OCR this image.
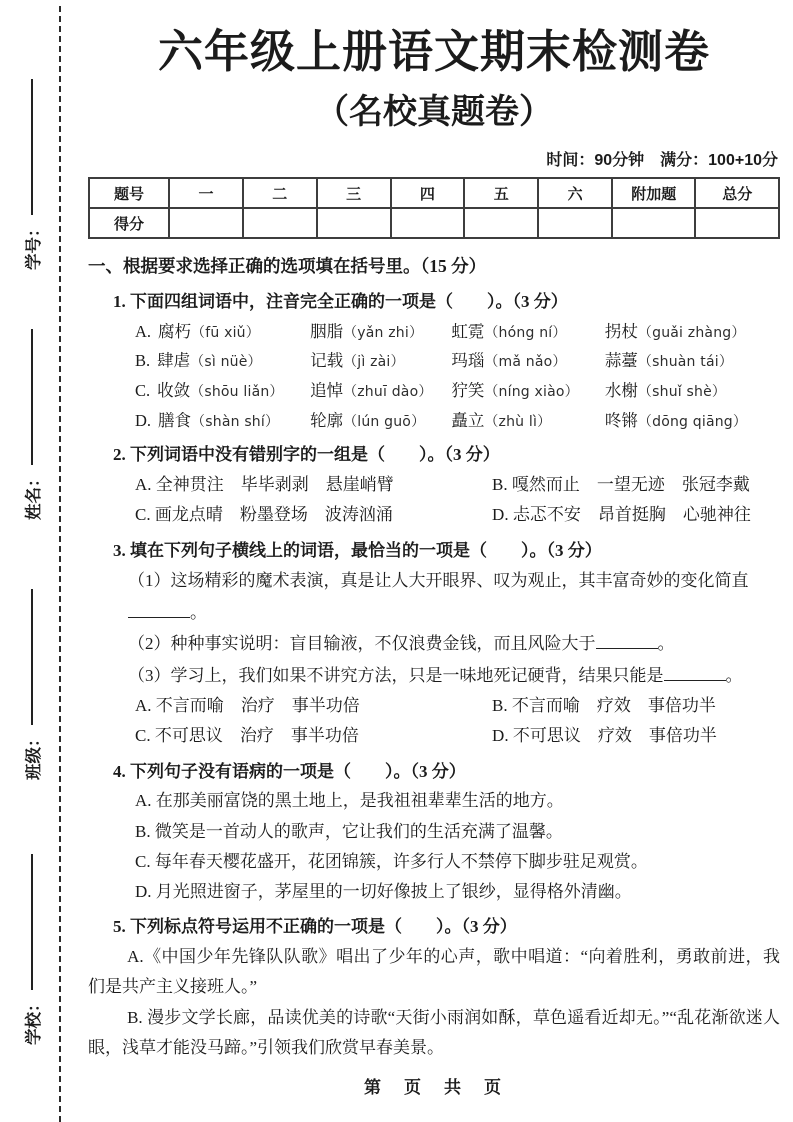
学号：
姓名：
班级：
学校：
六年级上册语文期末检测卷
（名校真题卷）
时间：90分钟　满分：100+10分
题号	一	二	三	四	五	六	附加题	总分
得分								
一、根据要求选择正确的选项填在括号里。（15 分）

1. 下面四组词语中，注音完全正确的一项是（　　）。（3 分）

A. 腐朽（fū xiǔ）	胭脂（yǎn zhi）	虹霓（hóng ní）	拐杖（guǎi zhàng）
B. 肆虐（sì nüè）	记载（jì zài）	玛瑙（mǎ nǎo）	蒜薹（shuàn tái）
C. 收敛（shōu liǎn）	追悼（zhuī dào）	狞笑（níng xiào）	水榭（shuǐ shè）
D. 膳食（shàn shí）	轮廓（lún guō）	矗立（zhù lì）	咚锵（dōng qiāng）

2. 下列词语中没有错别字的一组是（　　）。（3 分）

A. 全神贯注　毕毕剥剥　悬崖峭臂	B. 嘎然而止　一望无迹　张冠李戴
C. 画龙点晴　粉墨登场　波涛汹涌	D. 忐忑不安　昂首挺胸　心驰神往

3. 填在下列句子横线上的词语，最恰当的一项是（　　）。（3 分）

（1）这场精彩的魔术表演，真是让人大开眼界、叹为观止，其丰富奇妙的变化简直。
（2）种种事实说明：盲目输液，不仅浪费金钱，而且风险大于	。
（3）学习上，我们如果不讲究方法，只是一味地死记硬背，结果只能是	。
A. 不言而喻　治疗　事半功倍	B. 不言而喻　疗效　事倍功半
C. 不可思议　治疗　事半功倍	D. 不可思议　疗效　事倍功半

4. 下列句子没有语病的一项是（　　）。（3 分）

A. 在那美丽富饶的黑土地上，是我祖祖辈辈生活的地方。
B. 微笑是一首动人的歌声，它让我们的生活充满了温馨。
C. 每年春天樱花盛开，花团锦簇，许多行人不禁停下脚步驻足观赏。
D. 月光照进窗子，茅屋里的一切好像披上了银纱，显得格外清幽。

5. 下列标点符号运用不正确的一项是（　　）。（3 分）

A.《中国少年先锋队队歌》唱出了少年的心声，歌中唱道：“向着胜利，勇敢前进，我们是共产主义接班人。”

B. 漫步文学长廊，品读优美的诗歌“天街小雨润如酥，草色遥看近却无。”“乱花渐欲迷人眼，浅草才能没马蹄。”引领我们欣赏早春美景。

第　页　共　页
